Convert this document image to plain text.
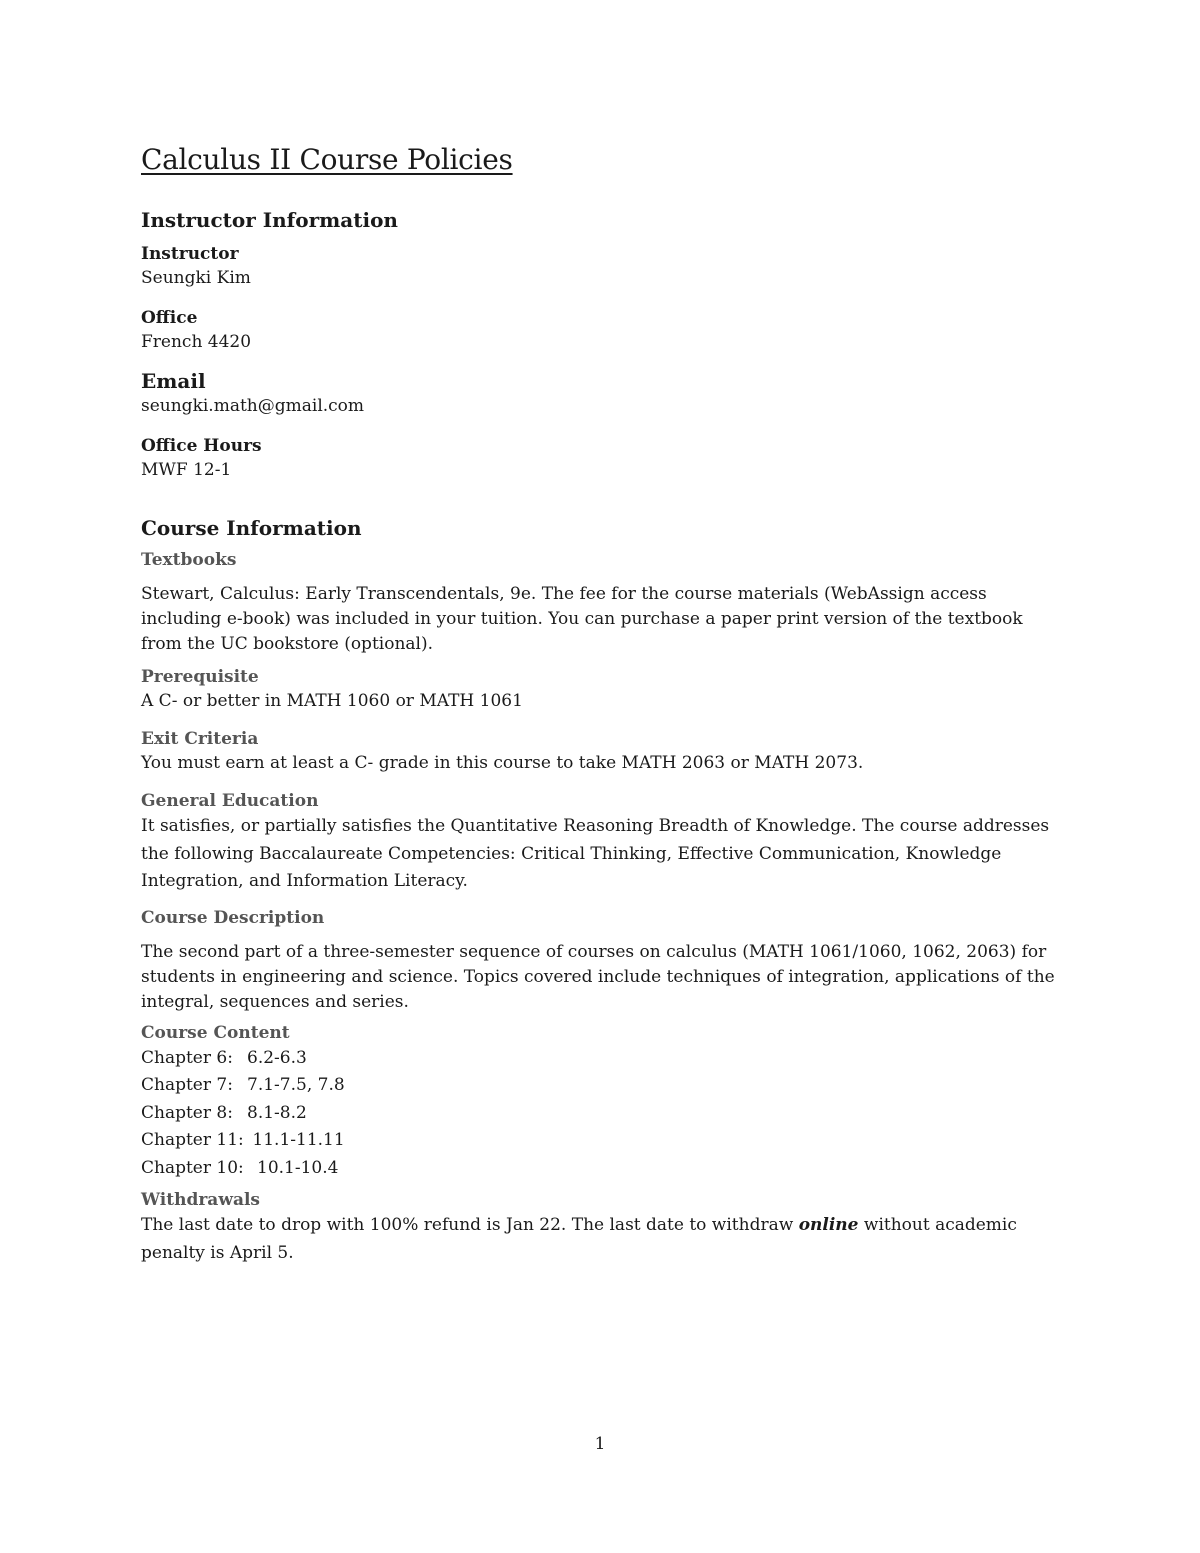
Calculus II Course Policies
Instructor Information

Instructor

Seungki Kim

Office

French 4420

Email

seungki.math@gmail.com

Office Hours

MWF 12-1

Course Information

Textbooks

Stewart, Calculus: Early Transcendentals, 9e. The fee for the course materials (WebAssign access including e-book) was included in your tuition. You can purchase a paper print version of the textbook from the UC bookstore (optional).

Prerequisite

A C- or better in MATH 1060 or MATH 1061

Exit Criteria

You must earn at least a C- grade in this course to take MATH 2063 or MATH 2073.

General Education

It satisfies, or partially satisfies the Quantitative Reasoning Breadth of Knowledge. The course addresses the following Baccalaureate Competencies: Critical Thinking, Effective Communication, Knowledge Integration, and Information Literacy.

Course Description

The second part of a three-semester sequence of courses on calculus (MATH 1061/1060, 1062, 2063) for students in engineering and science. Topics covered include techniques of integration, applications of the integral, sequences and series.

Course Content

Chapter 6: 6.2-6.3

Chapter 7: 7.1-7.5, 7.8

Chapter 8: 8.1-8.2

Chapter 11: 11.1-11.11

Chapter 10: 10.1-10.4

Withdrawals

The last date to drop with 100% refund is Jan 22. The last date to withdraw online without academic penalty is April 5.

1
